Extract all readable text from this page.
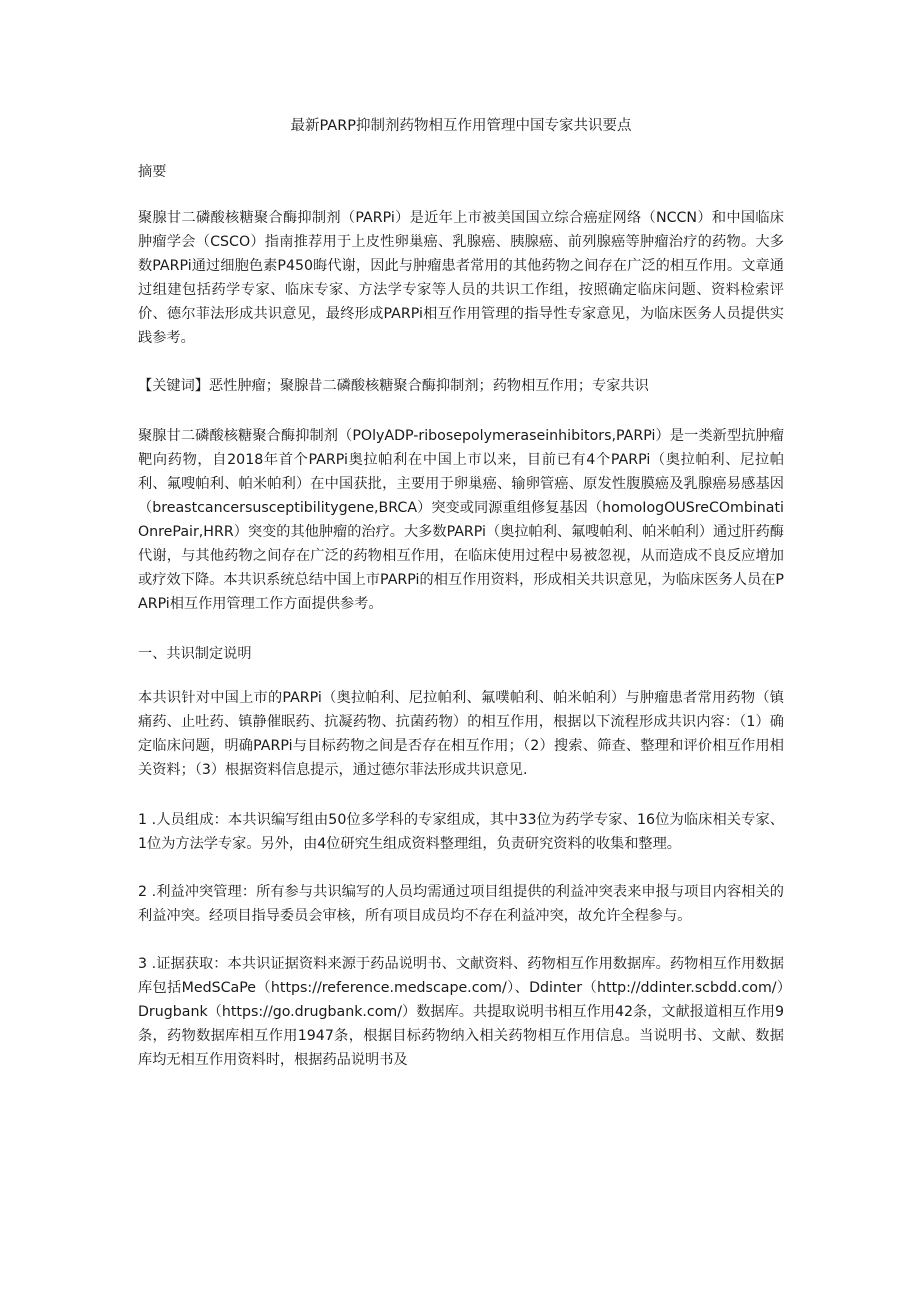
最新PARP抑制剂药物相互作用管理中国专家共识要点

摘要

聚腺甘二磷酸核糖聚合酶抑制剂（PARPi）是近年上市被美国国立综合癌症网络（NCCN）和中国临床肿瘤学会（CSCO）指南推荐用于上皮性卵巢癌、乳腺癌、胰腺癌、前列腺癌等肿瘤治疗的药物。大多数PARPi通过细胞色素P450晦代谢，因此与肿瘤患者常用的其他药物之间存在广泛的相互作用。文章通过组建包括药学专家、临床专家、方法学专家等人员的共识工作组，按照确定临床问题、资料检索评价、德尔菲法形成共识意见，最终形成PARPi相互作用管理的指导性专家意见，为临床医务人员提供实践参考。

【关键词】恶性肿瘤；聚腺昔二磷酸核糖聚合酶抑制剂；药物相互作用；专家共识

聚腺甘二磷酸核糖聚合酶抑制剂（POlyADP-ribosepolymeraseinhibitors,PARPi）是一类新型抗肿瘤靶向药物，自2018年首个PARPi奥拉帕利在中国上市以来，目前已有4个PARPi（奥拉帕利、尼拉帕利、氟嗖帕利、帕米帕利）在中国获批，主要用于卵巢癌、输卵管癌、原发性腹膜癌及乳腺癌易感基因（breastcancersusceptibilitygene,BRCA）突变或同源重组修复基因（homoIogOUSreCOmbinatiOnrePair,HRR）突变的其他肿瘤的治疗。大多数PARPi（奥拉帕利、氟嗖帕利、帕米帕利）通过肝药酶代谢，与其他药物之间存在广泛的药物相互作用，在临床使用过程中易被忽视，从而造成不良反应增加或疗效下降。本共识系统总结中国上市PARPi的相互作用资料，形成相关共识意见，为临床医务人员在PARPi相互作用管理工作方面提供参考。

一、共识制定说明

本共识针对中国上市的PARPi（奥拉帕利、尼拉帕利、氟噗帕利、帕米帕利）与肿瘤患者常用药物（镇痛药、止吐药、镇静催眠药、抗凝药物、抗菌药物）的相互作用，根据以下流程形成共识内容：（1）确定临床问题，明确PARPi与目标药物之间是否存在相互作用；（2）搜索、筛查、整理和评价相互作用相关资料；（3）根据资料信息提示，通过德尔菲法形成共识意见.

1 .人员组成：本共识编写组由50位多学科的专家组成，其中33位为药学专家、16位为临床相关专家、1位为方法学专家。另外，由4位研究生组成资料整理组，负责研究资料的收集和整理。

2 .利益冲突管理：所有参与共识编写的人员均需通过项目组提供的利益冲突表来申报与项目内容相关的利益冲突。经项目指导委员会审核，所有项目成员均不存在利益冲突，故允许全程参与。

3 .证据获取：本共识证据资料来源于药品说明书、文献资料、药物相互作用数据库。药物相互作用数据库包括MedSCaPe（https://reference.medscape.com/）、Ddinter（http://ddinter.scbdd.com/）Drugbank（https://go.drugbank.com/）数据库。共提取说明书相互作用42条，文献报道相互作用9条，药物数据库相互作用1947条，根据目标药物纳入相关药物相互作用信息。当说明书、文献、数据库均无相互作用资料时，根据药品说明书及
